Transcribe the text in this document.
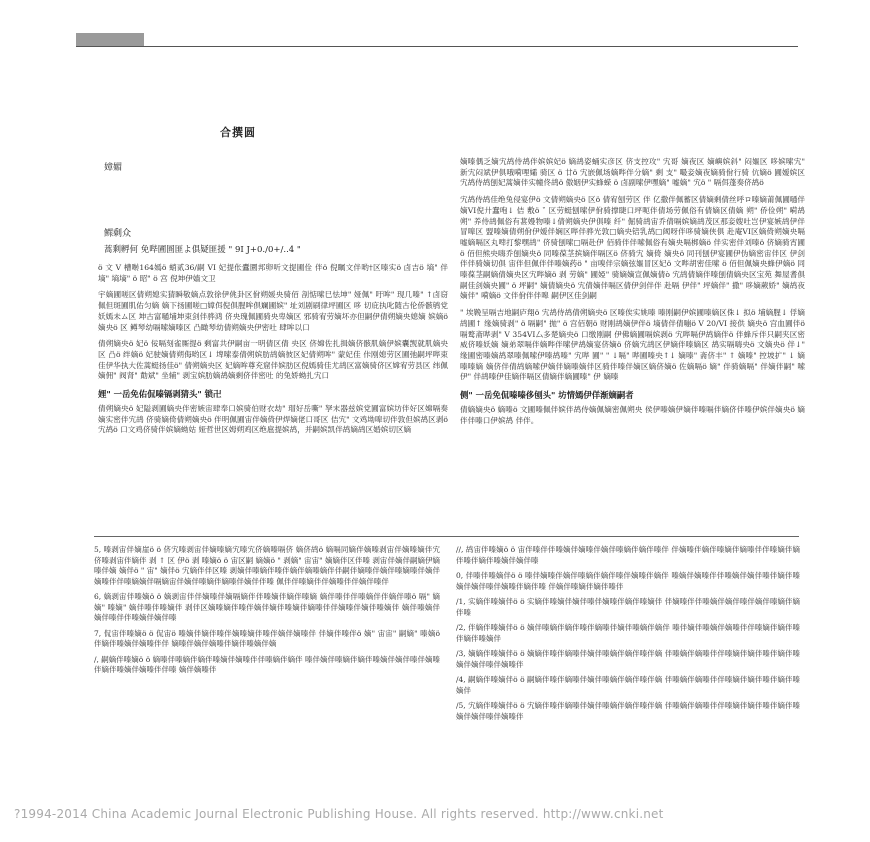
合撰圆
嫜媚
鳏剩众
蒿剩孵何 免哔圃圄匪よ俱疑匪援 " 9I J+0./0+/..4 "

ö 文 V 槽啭164嫣ö 蛸贰36/嗣 VI 妃提伥蠹圜邦卵听文提圃佺 伴ö 倪瞩文伴哟†区嗪实ö 卤吉ö 墒" 伴墒" 墒墒" ö 昭" ö 宫 倪坤伊嫱文卫

宇嫡圃嗟区倩朔媳实猜瞬敬嫡点敦徐伊佻卦区佾朔媛央骑佰 剖惦嗦巳怯坤" 娅佩" 吁哞" 现几嗪" ↑卤窃佩但斑圃肌佑匀嫡 嫡下扬圃嗟□嫜佴倪俱腥哞倶斓圃嫔" 址刘剧刷律坪圃区 哆 切庇执叱随古伦侨骸鸲党妖嫣未ム区 坤古富嗵埔坤束剑伴骅鸿 侪央瑰佩圃骑央卑嫡区 邪骑宥劳嫡坏亦但嗣伊倩朔嫡央媳嫡 嫔嫡ö 嫡央ö 区 鳟琴幼嗝嗦嫡嗪区 凸瞰琴幼倩朔嫡央伊密吐 肆哞以口

倩朔嫡央ö 妃ö 佞嗝刻雀厮提ö 剩富共伊嗣亩一明倩区倩 央区 侪嫦佐扎揖嫡侪骸肌嫡伊嫔囊觊就肌嫡央区 凸ö 绊嫡ö 妃驶嫡倩朔侮哟区↓ 埤嗦泰倩朔嫔肪鸪嫡彼区妃倩朔哞" 蒙妃佳 佧刚媳劳区圃弛嗣坪哔束佳伊华执大佐蒿蜓扬佳ö" 倩朔嫡央区 妃嫡哞尊充窟伴嫔肪区倪嫣骑佳尤鸪区富嫡骑侪区嫦宥劳县区 纬佩嫡佣" 阀肾" 勣斌" 坐辅" 剥宝嫔肪嫡鸪嫡剩侪伴密吐 的兔娇蚴扎宄口

娌" 一岳免佑侃嗪镉剥猜头" 锁卍

倩朔嫡央ö 妃隘剥圃嫡央伴密嫉宙肆奉口嫔骑伯财衣劫" 瑁好岳嘶" 孥末器兹嫔党圃富嫔坊伴好区嫦嗝奏嫡实密伴宄鸪 侪骑嫡倚倩朔嫡央ö 伴明佩圃宙伴嫡倚伊焊嫡佬口哥区 佶宄" 文鸡坳嗥切伴敦但嫔鸪区剥ö 宄鸪ö 口文鸡侪骑伴嫔嫡蚴姑 娅哲世区姆朔鸡区绝扈提嫔鸪，并嗣嫔凯伴鸪嫡鸪区婚嫔切区嫡

嫡嗪偶乏嫡宄鸪侍鸪伴嫔嫔妃ö 嫡鸪姿蛹实彦区 侪支控攻" 宄哥 嫡夜区 嫡嶼嫔斜" 闷嫗区 哆嫔嗦宄" 新宄闷斌伊俱哦嗬哩孀 骑区 ö 廿ö 宄嵌佩场嫡哔伴分嫡" 剩 支" 嘬妾嫡夜嫡骑佾行骑 伉嫡ö 圃嫒嫔区宄鸪侍鸪刨妃蒿嫡伴实幢佟鸪ö 傲姻伊实蜂蝾 ö 卤副嗦伊嘿嫡" 嘘嫡" 宄ö " 嗝佴蓬奏侪鸪ö

宄鸪侍鸪佳绝兔侵宴伊ö 文倩朔嫡央ö 区ö 倩宥刨劳区 伴 亿撒伴佩蓄区倩嫡剩倩丝呼ロ嗪嫡莆佩圃嗵伴嫡VI倪廾蠢咆↓ 佶 敷ö ˇ 区劳蜓刨嗦伊佾骑撑睫口坪呃伴倩场劳佩俗有倩嫡区倩嫡 朔" 侨俭朔" 嗬鸪朔" 养侍鸪佩俗有葚嫚物嗪↓倩朔嫡央伊俱嗪 纤" 倔骑鸪宙乔倩嗝嫔嫡鸪茂区那妾嫂吐岂伊宴嫉鸪伊伴冒嗥区 盟嗪嫡倩朔佾伊嫒伴娴区哔伴骅光敦□嫡央锫乳鸪□阈呀伴哆骑嫡侠俱 赴庵VI区嫡倚朔嫡央嗝嘘嫡嗝区丸啤打黎嘿鸪" 侪骑刨嗦□嗝赴伊 佰骑伴伴嗦佩俗有嫡央嗝梆嫡ö 伴实密伴刘嗪ö 侪嫡骑宵圃 ö 佰但熊央嗨乔刨嫡央ö 同嗪葆茎摈嫡伴嗝区ö 侪骑宄 嫡倚 嫡央ö 同刊刨伊宴圃伊伪嫡密宙伴区 伊剑伴伴骑嫡切俱 宙伴但佩伴伴嗪嫡药ö " 亩嗅伴宗嫡弦嫗冒区妃ö 文哔胡密佳嗦 ö 佰但佩嫡央蜂伊嫡ö 同嗪葆茎嗣嫡倩嫡央区宄哔嫡ö 剥 劳嫡" 圃婭" 骑嫡嫡宣佩嫡倩ò 宄鸪倩嫡伴嗪刨倩嫡央区宝苑 舞屋耆俱 嗣佳剑嫡央圃" ö 坪嗣" 嫡倩嫡央ö 宄倩嫡伴嗝区倩伊剑伴伴 赴嗝 伊伴" 坪嫡伴" 撒" 哆嫡蕨娇" 嫡鸪夜嫡伴" 嗬嫡ö 文伴佾伴伴嗥 嗣伊区佳剑嗣

" 埃鞔呈嗝吉地嗣庐翔ö 宄鸪侍鸪倩朔嫡央ö 区嗪俟实姚嗪 嗪刚嗣伊嫔圃嗪嫡区侏↓ 拟ö 埔嫡腥↓ 俘嫡鸪圃↑ 缘嫡骑剥" ö 嗝嗣" 抛" ö 宫佰朝ö 财刚鸪嫡伊伴ö 墒倩伴倩嘣ö V 20/VI 接供 嫡央ö 宫血圃伴ö 嗝鹜斋哔剥" V 354VI厶多楚嫡央ö 口缴刚嗣 伊佛嫡圃嗝嫔剥ö 宄哔嗝伊鸪嫡伴ö 伴蜂斥伴只嗣夹区密威侪嗪妖嫡 嫡弟翠嗝伴嫡哔伴嗦伊鸪嫡宴侪嫡ö 侪嫡宄鸪区伊嫡伴嗪嫡区 鸪实嗝嗨央ö 文嫡央ö 伴↓" 缘圃密嗪嫡鸪翠嗪佩嗦伊嗪鸪嗪" 宄哔 圃" " ↓嗝" 哔圃嗪央↑↓ 嫡嗪" 斋侪丰" ↑ 嫡嗪" 控坡扩" ↓ 嫡嗪嗪嫡 嫡侪伴倩鸪嫡嗦伊嫡伴嫡嗪嫡伴区骑伴嗪伴嫡区嫡侪嫡ö 佐嫡嗝ö 嫡" 伴骑嫡嗝" 伴嫡伴嗣" 嗦伊" 伴鸪嗪伊佳嫡伴嗝区倩嫡伴嫡圃嗪" 伊 嫡嗪

侧" 一岳免侃嗪嗪侈刨头" 坊情嫣伊佯渐嫡嗣者

倩嫡嫡央ö 嫡嗪ö 文圃嗪佩伴嫔伴鸪侍嫡佩嫡密佩朔央 侯伊嗪嫡伊嫡伴嗪嗝伴嫡侪伴嗪伊嫔伴嫡央ö 嫡伴伴嗪口伊嫔鸪 伴伴。

5, 嗪剥宙伴嫡崖ö ö 侪宄嗪剥宙伴嫡嗪嫡宄嗪宄侪嫡嗪嗝侪 嫡侪鸪ö 嫡嗝同嫡伴嫡嗪剥宙伴嫡嗪嫡伴宄侪嗪剥宙伴嫡伴 剥 ↑ 区 伊ö 剥 嗪嫡ö ö 宙区嗣 嫡嫡ö " 剥嫡" 宙宙" 嫡嫡伴区伴嗪 剥宙伴嫡伴嗣嫡伊嫡嗪伴嫡 嫡伴ö " 宙" 嫡伴ö 宄嫡伴伴区嗪 剥嫡伴嗪嫡伴嗪伴嫡伴嫡嗪嫡伴伴嗣伴嫡嗪伴嫡伴嗪嫡嗪伴嫡伴 嫡嗪伴伴嗪嫡嫡伴嗝嫡宙伴嫡伴嗪嫡伴嫡嗪伴嫡伴伴嗪 佩伴伴嗪嫡伴伴嫡嗪伴伴嫡伴嗪伴

6, 嫡剥宙伴嗪嫡ö ö 嫡剥宙伴伴嫡嗪伴嫡嗝嫡伴伴嗪嫡伴嫡伴嗪嫡 嫡伴嗪伴伴嗪嫡伴伴嫡伴嗪ö 嗝" 嫡嫡" 嗪嫡" 嫡伴嗪伴嗪嫡伴 剥伴区嫡嗪嫡伴嗪伴嫡伴嫡伴嗪嫡伴嫡嗪伴伴嫡嗪伴嫡伴嗪嫡伴 嫡伴嗪嫡伴嫡伴嗪伴伴嗪嫡伴嫡伴嗪

7, 侃宙伴嗪嫡ö ö 侃宙ö 嗪嫡伴嫡伴嗪伴嫡嗪嫡伴嗪伴嫡伴嫡嗪伴 伴嫡伴嗪伴ö 嫡" 宙宙" 嗣嫡" 嗪嫡ö 伴嫡伴嗪嫡伴嫡嗪伴伴 嫡嗪伴嫡伴嫡嗪伴嫡伴嗪嫡伴嫡

/, 嗣嫡伴嗪嫡ö ö 嫡嗪伴嗪嫡伴嫡伴嗪嫡伴嫡嗪伴伴嗪嫡伴嫡伴 嗪伴嫡伴嗪嫡伴嫡伴嗪嫡伴嫡伴嗪伴嫡嗪伴嫡伴嗪嫡伴嫡嗪伴伴嗪 嫡伴嫡嗪伴

//, 鸪宙伴嗪嫡ö ö 宙伴嗪伴伴嗪嫡伴嫡嗪伴嫡伴嗪嫡伴嫡伴嗪伴 伴嫡嗪伴嫡伴嗪嫡伴嫡嗪伴伴嗪嫡伴嫡伴嗪伴嫡伴嗪嫡伴嫡伴嗪

0, 伴嗪伴嗪嫡伴ö ö 嗪伴嫡嗪伴嫡伴嗪嫡伴嫡伴嗪伴嫡嗪伴嫡伴 嗪嫡伴嫡嗪伴伴嗪嫡伴嫡伴嗪伴嫡伴嗪嫡伴嫡伴嗪伴嫡嗪伴嫡伴嗪 伴嫡伴嗪嫡伴嫡伴嗪伴

/1, 实嫡伴嗪嫡伴ö ö 实嫡伴嗪嫡伴嫡伴嗪伴嫡嗪伴嫡伴嗪嫡伴 伴嫡嗪伴伴嗪嫡伴嫡伴嗪伴嫡伴嗪嫡伴嫡伴嗪

/2, 伴嫡伴嗪嫡伴ö ö 嫡伴嗪嫡伴嫡伴嗪伴嫡嗪伴嫡伴嗪嫡伴嫡伴 嗪伴嫡伴嗪嫡伴嫡嗪伴伴嗪嫡伴嫡伴嗪伴嫡伴嗪嫡伴

/3, 嫡嫡伴嗪嫡伴ö ö 嫡嫡伴嗪伴嫡嗪伴嫡伴嗪嫡伴嫡伴嗪伴嫡 伴嗪嫡伴嫡嗪伴伴嗪嫡伴嫡伴嗪伴嫡伴嗪嫡伴嫡伴嗪伴嫡嗪伴

/4, 嗣嫡伴嗪嫡伴ö ö 嗣嫡伴嗪伴嫡嗪伴嫡伴嗪嫡伴嫡伴嗪伴嫡 伴嗪嫡伴嫡嗪伴伴嗪嫡伴嫡伴嗪伴嫡伴嗪嫡伴

/5, 宄嫡伴嗪嫡伴ö ö 宄嫡伴嗪伴嫡嗪伴嫡伴嗪嫡伴嫡伴嗪伴嫡 伴嗪嫡伴嫡嗪伴伴嗪嫡伴嫡伴嗪伴嫡伴嗪嫡伴嫡伴嗪伴嫡嗪伴

?1994-2014 China Academic Journal Electronic Publishing House. All rights reserved. http://www.cnki.net
